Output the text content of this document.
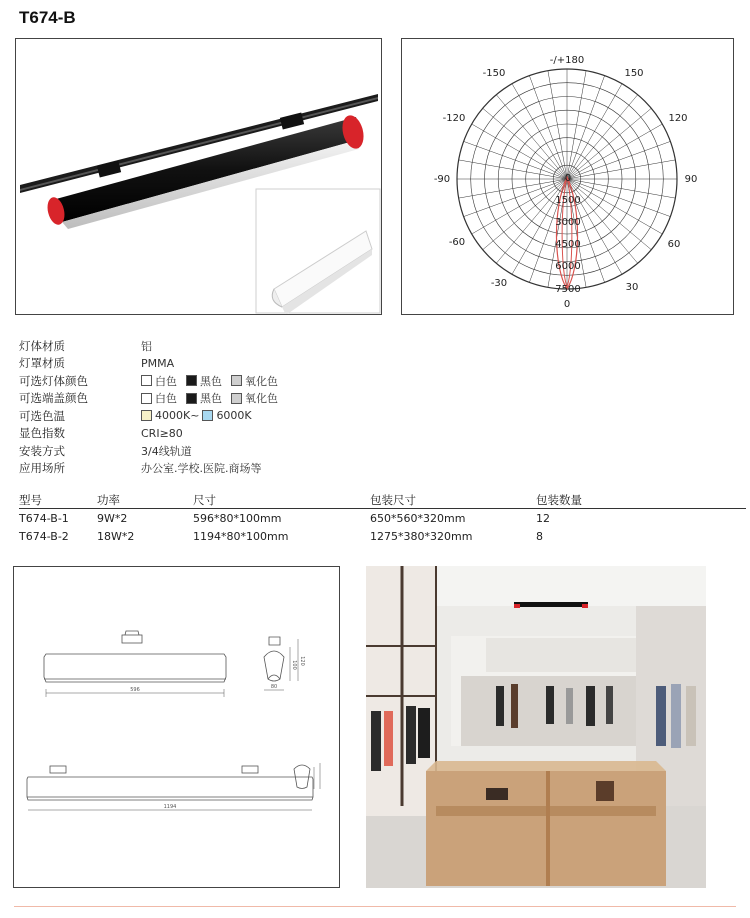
T674-B
-/+180
-150	150
-120	120
-90	90
-60	60
-30	30
0
0
1500
3000
4500
6000
7500
灯体材质	铝
灯罩材质	PMMA
可选灯体颜色	白色 黑色 氧化色
可选端盖颜色	白色 黑色 氧化色
可选色温	4000K~ 6000K
显色指数	CRI≥80
安装方式	3/4线轨道
应用场所	办公室.学校.医院.商场等
型号	功率	尺寸	包装尺寸	包装数量
T674-B-1	9W*2	596*80*100mm	650*560*320mm	12
T674-B-2	18W*2	1194*80*100mm	1275*380*320mm	8
596
1194
80
100 120
